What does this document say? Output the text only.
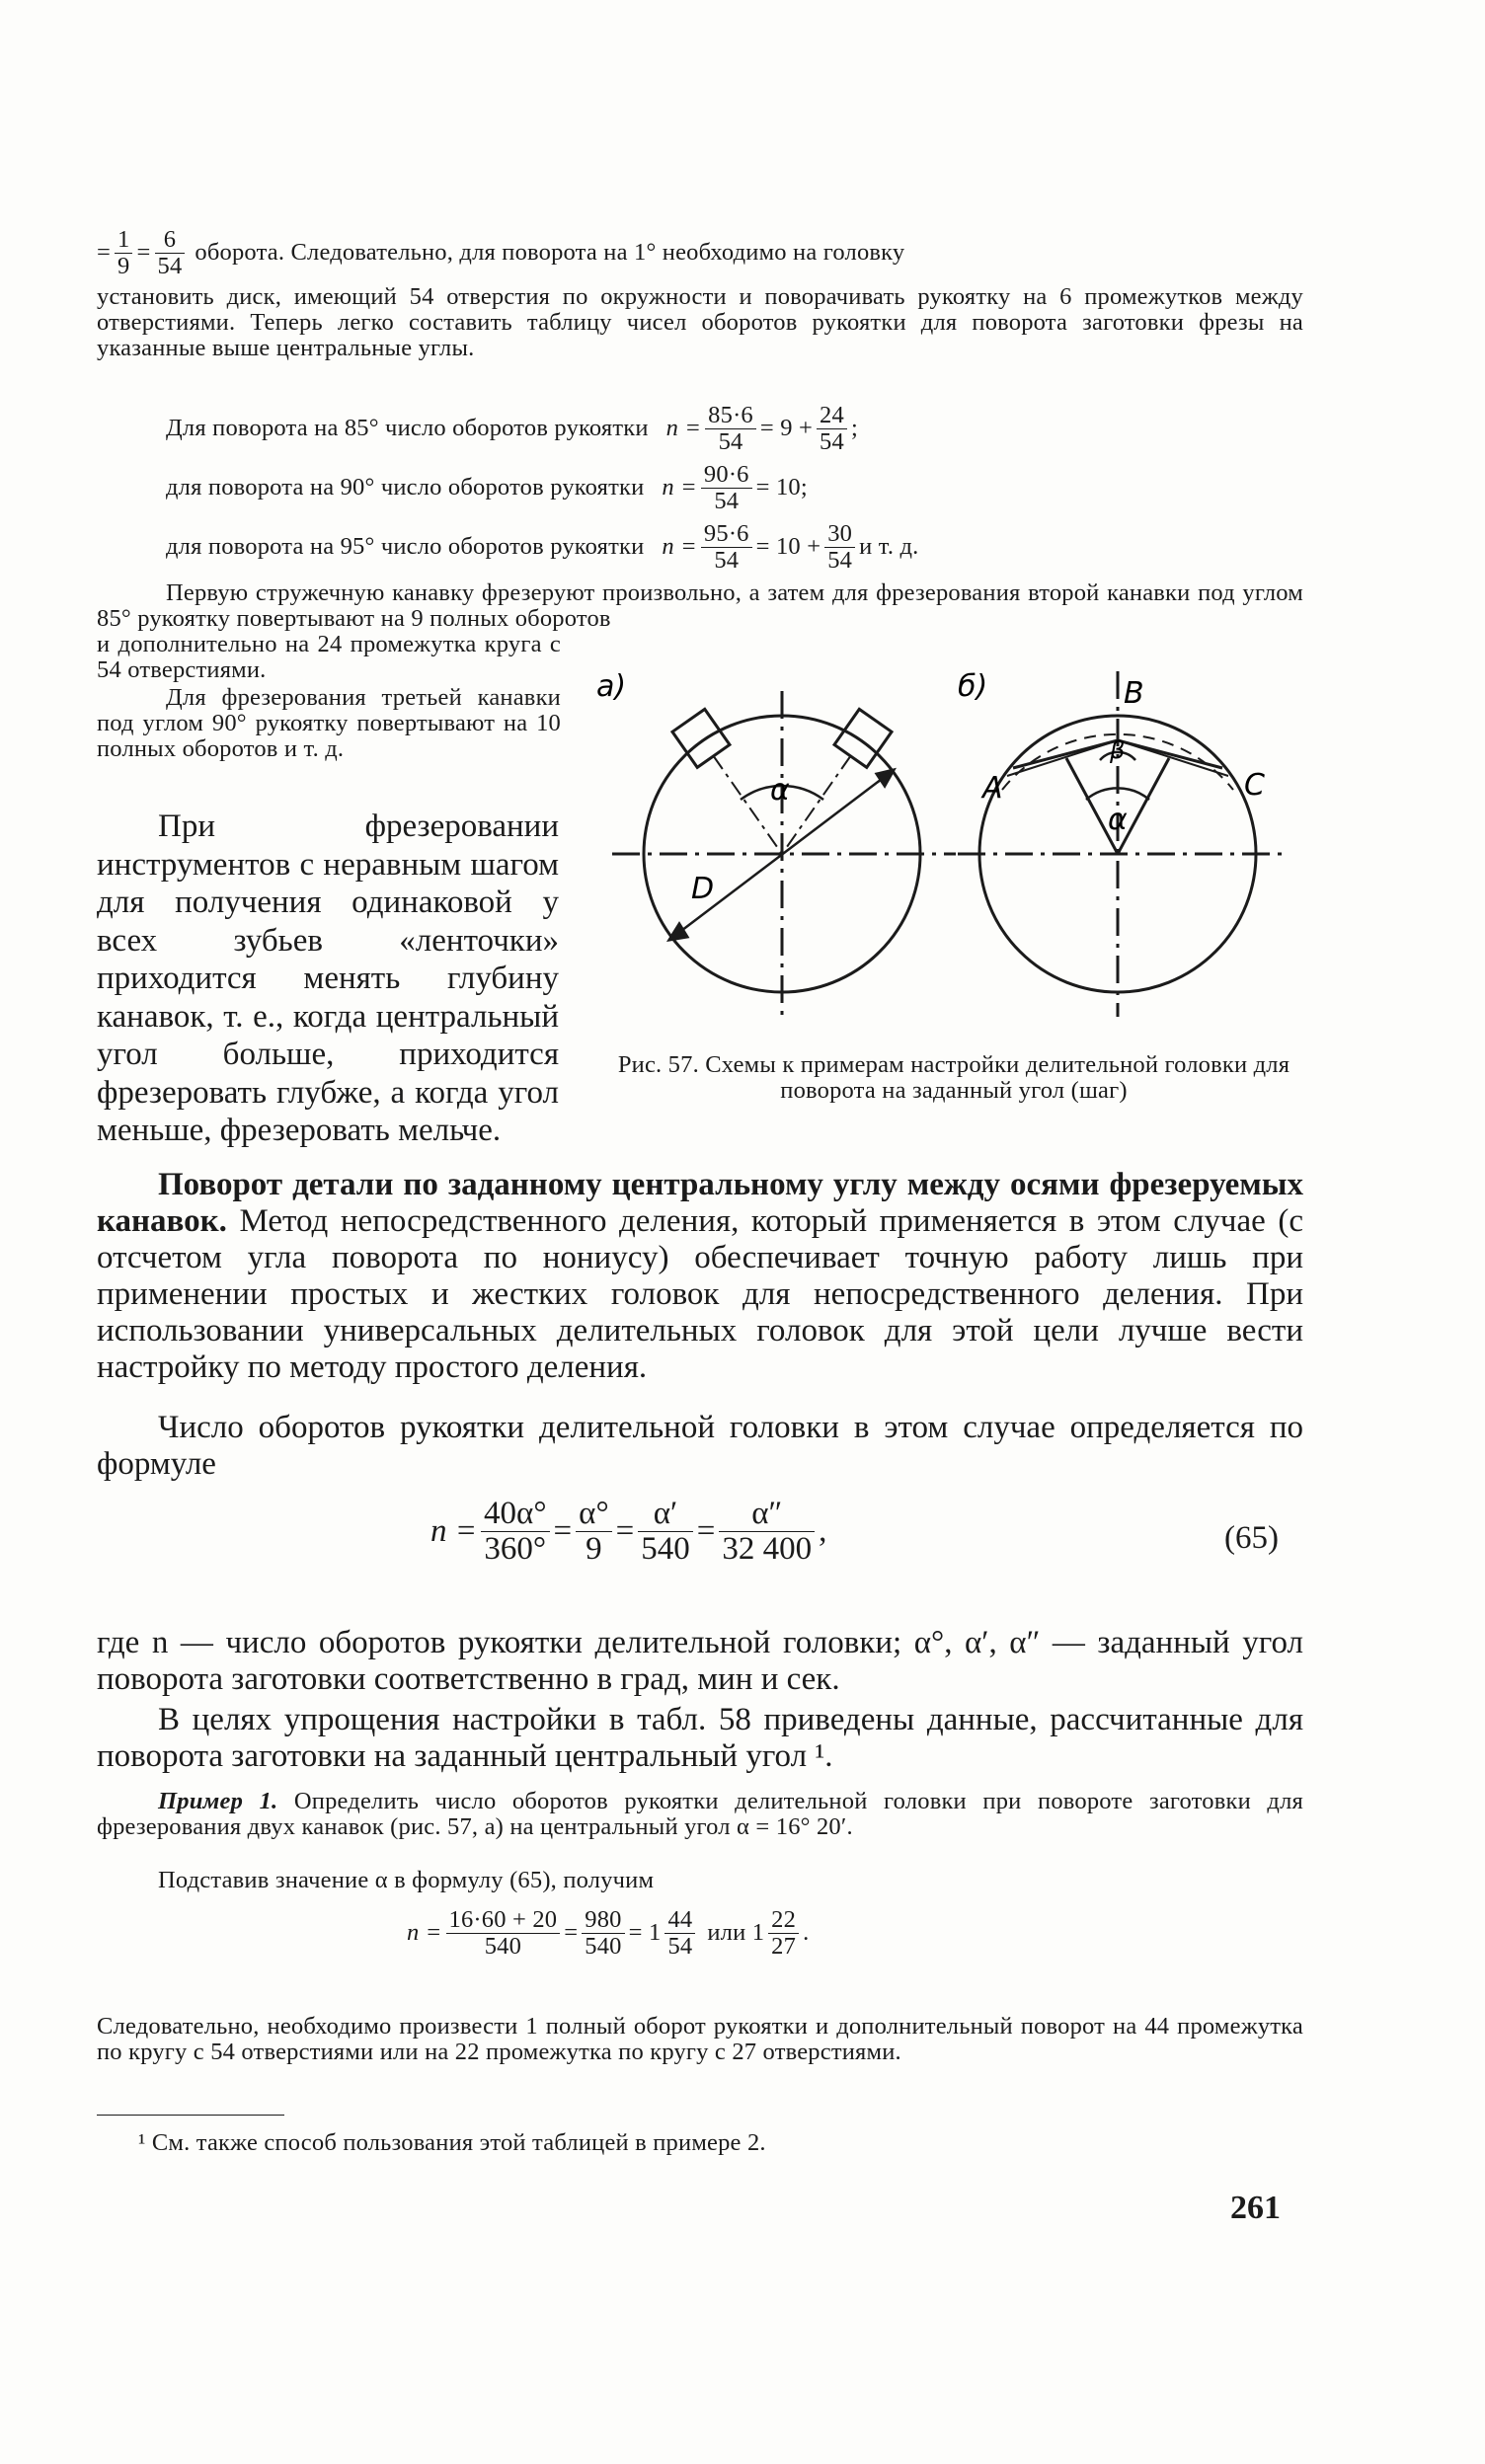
= $\frac{1}{9} = \frac{6}{54}$ оборота. Следовательно, для поворота на 1° необходимо на головку
установить диск, имеющий 54 отверстия по окружности и поворачивать рукоятку на 6 промежутков между отверстиями. Теперь легко составить таблицу чисел оборотов рукоятки для поворота заготовки фрезы на указанные выше центральные углы.
Для поворота на 85° число оборотов рукоятки $n = \frac{85\cdot 6}{54} = 9 + \frac{24}{54}$ ;
для поворота на 90° число оборотов рукоятки $n = \frac{90\cdot 6}{54} = 10$;
для поворота на 95° число оборотов рукоятки $n = \frac{95\cdot 6}{54} = 10 + \frac{30}{54}$ и т. д.
Первую стружечную канавку фрезеруют произвольно, а затем для фрезерования второй канавки под углом 85° рукоятку повертывают на 9 полных оборотов
и дополнительно на 24 промежутка круга с 54 отверстиями.
Для фрезерования третьей канавки под углом 90° рукоятку повертывают на 10 полных оборотов и т. д.
При фрезеровании инструментов с неравным шагом для получения одинаковой у всех зубьев «ленточки» приходится менять глубину канавок, т. е., когда центральный угол больше, приходится фрезеровать глубже, а когда угол меньше, фрезеровать мельче.
а)	б)
α
D
α
β
A
В
C
Рис. 57. Схемы к примерам настройки делительной головки для поворота на заданный угол (шаг)
Поворот детали по заданному центральному углу между осями фрезеруемых канавок. Метод непосредственного деления, который применяется в этом случае (с отсчетом угла поворота по нониусу) обеспечивает точную работу лишь при применении простых и жестких головок для непосредственного деления. При использовании универсальных делительных головок для этой цели лучше вести настройку по методу простого деления.
Число оборотов рукоятки делительной головки в этом случае определяется по формуле
$n = \frac{40\alpha^\circ}{360^\circ} = \frac{\alpha^\circ}{9} = \frac{\alpha'}{540} = \frac{\alpha''}{32 400}$ ,	(65)
где n — число оборотов рукоятки делительной головки; α°, α′, α″ — заданный угол поворота заготовки соответственно в град, мин и сек.
В целях упрощения настройки в табл. 58 приведены данные, рассчитанные для поворота заготовки на заданный центральный угол ¹.
Пример 1. Определить число оборотов рукоятки делительной головки при повороте заготовки для фрезерования двух канавок (рис. 57, а) на центральный угол α = 16° 20′.
Подставив значение α в формулу (65), получим
$n = \frac{16\cdot 60 + 20}{540} = \frac{980}{540} = 1 \frac{44}{54}$ или $1 \frac{22}{27}$ .
Следовательно, необходимо произвести 1 полный оборот рукоятки и дополнительный поворот на 44 промежутка по кругу с 54 отверстиями или на 22 промежутка по кругу с 27 отверстиями.
¹ См. также способ пользования этой таблицей в примере 2.
261
